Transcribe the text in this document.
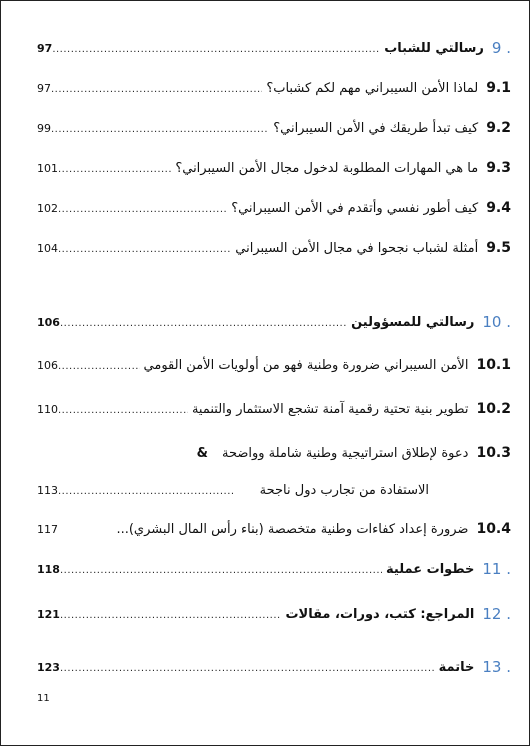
97 .....	رسالتي للشباب 9 .
97 .....	لماذا الأمن السيبراني مهم لكم كشباب؟ 9.1
99 .....	كيف تبدأ طريقك في الأمن السيبراني؟ 9.2
101 .....	ما هي المهارات المطلوبة لدخول مجال الأمن السيبراني؟ 9.3
102 .....	كيف أطور نفسي وأتقدم في الأمن السيبراني؟ 9.4
104 .....	أمثلة لشباب نجحوا في مجال الأمن السيبراني 9.5
106 .....	رسالتي للمسؤولين 10 .
106 .....	الأمن السيبراني ضرورة وطنية فهو من أولويات الأمن القومي 10.1
110 .....	تطوير بنية تحتية رقمية آمنة تشجع الاستثمار والتنمية 10.2
&	دعوة لإطلاق استراتيجية وطنية شاملة وواضحة 10.3
113 .....	الاستفادة من تجارب دول ناجحة
117	ضرورة إعداد كفاءات وطنية متخصصة (بناء رأس المال البشري)... 10.4
118 .....	خطوات عملية 11 .
121 .....	المراجع: كتب، دورات، مقالات 12 .
123 .....	خاتمة 13 .
11
